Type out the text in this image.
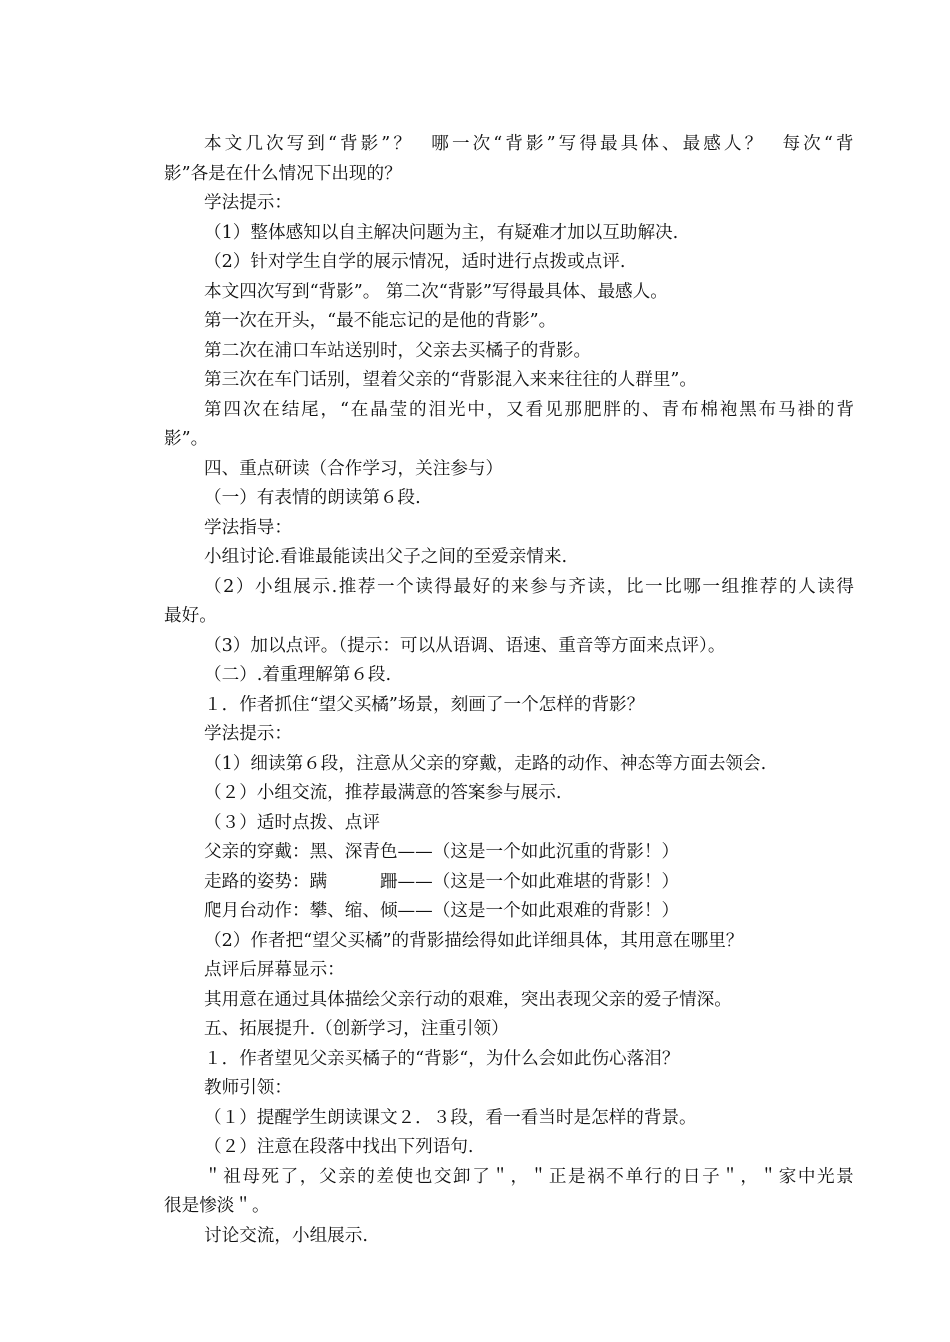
本 文 几 次 写 到 “ 背 影 ” ？

哪 一 次 “ 背 影 ” 写 得 最 具 体 、 最 感 人 ？

每 次 “ 背
影”各是在什么情况下出现的？
学法提示：
（1）整体感知以自主解决问题为主，有疑难才加以互助解决.
（2）针对学生自学的展示情况，适时进行点拨或点评.
本文四次写到“背影”。 第二次“背影”写得最具体、最感人。
第一次在开头，“最不能忘记的是他的背影”。
第二次在浦口车站送别时，父亲去买橘子的背影。
第三次在车门话别，望着父亲的“背影混入来来往往的人群里”。
第 四 次 在 结 尾 ， “ 在 晶 莹 的 泪 光 中 ， 又 看 见 那 肥 胖 的 、 青 布 棉 袍 黑 布 马 褂 的 背
影”。
四、重点研读（合作学习，关注参与）
（一）有表情的朗读第６段.
学法指导：
小组讨论.看谁最能读出父子之间的至爱亲情来.
（ 2 ） 小 组 展 示 . 推 荐 一 个 读 得 最 好 的 来 参 与 齐 读 ， 比 一 比 哪 一 组 推 荐 的 人 读 得
最好。
（3）加以点评。（提示：可以从语调、语速、重音等方面来点评）。
（二）.着重理解第６段.
１．作者抓住“望父买橘”场景，刻画了一个怎样的背影？
学法提示：
（1）细读第６段，注意从父亲的穿戴，走路的动作、神态等方面去领会.
（２）小组交流，推荐最满意的答案参与展示.
（３）适时点拨、点评
父亲的穿戴：黑、深青色——（这是一个如此沉重的背影！）
走路的姿势：蹒　　　跚——（这是一个如此难堪的背影！）
爬月台动作：攀、缩、倾——（这是一个如此艰难的背影！）
（2）作者把“望父买橘”的背影描绘得如此详细具体，其用意在哪里？
点评后屏幕显示：
其用意在通过具体描绘父亲行动的艰难，突出表现父亲的爱子情深。
五、拓展提升.（创新学习，注重引领）
１．作者望见父亲买橘子的“背影“，为什么会如此伤心落泪？
教师引领：
（１）提醒学生朗读课文２．３段，看一看当时是怎样的背景。
（２）注意在段落中找出下列语句.
＂ 祖 母 死 了 ， 父 亲 的 差 使 也 交 卸 了 ＂ ， ＂ 正 是 祸 不 单 行 的 日 子 ＂ ， ＂ 家 中 光 景
很是惨淡＂。
讨论交流，小组展示.
